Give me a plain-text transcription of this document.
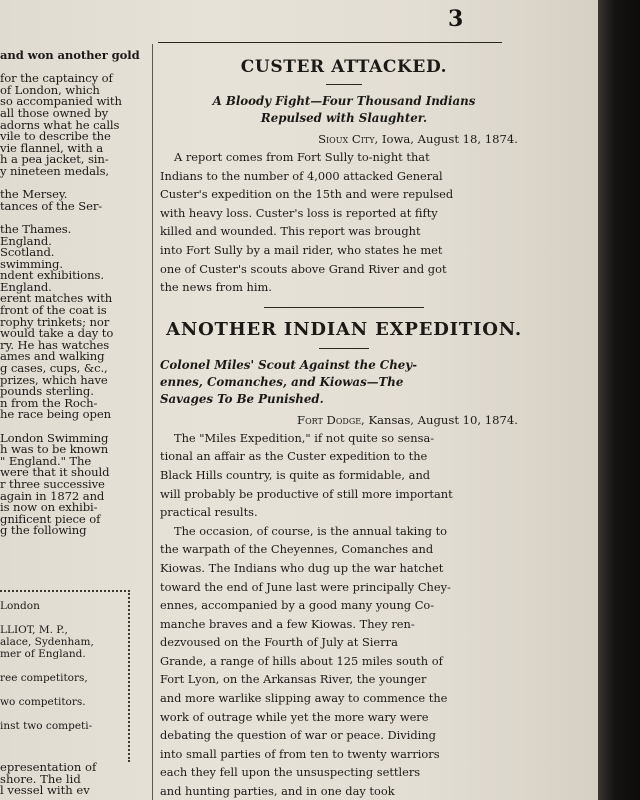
3
and won another gold

for the captaincy of
of London, which
so accompanied with
all those owned by
adorns what he calls
vile to describe the
vie flannel, with a
h a pea jacket, sin-
y nineteen medals,

the Mersey.
tances of the Ser-

the Thames.
England.
Scotland.
swimming.
ndent exhibitions.
England.
erent matches with
front of the coat is
rophy trinkets; nor
would take a day to
ry. He has watches
ames and walking
g cases, cups, &c.,
prizes, which have
pounds sterling.
n from the Roch-
he race being open

London Swimming
h was to be known
" England." The
were that it should
r three successive
again in 1872 and
is now on exhibi-
gnificent piece of
g the following
London

LLIOT, M. P.,
alace, Sydenham,
mer of England.

ree competitors,

wo competitors.

inst two competi-
epresentation of
shore. The lid
l vessel with ev
CUSTER ATTACKED.

A Bloody Fight—Four Thousand Indians
Repulsed with Slaughter.

Sioux City, Iowa, August 18, 1874.

A report comes from Fort Sully to-night that
Indians to the number of 4,000 attacked General
Custer's expedition on the 15th and were repulsed
with heavy loss. Custer's loss is reported at fifty
killed and wounded. This report was brought
into Fort Sully by a mail rider, who states he met
one of Custer's scouts above Grand River and got
the news from him.
ANOTHER INDIAN EXPEDITION.
Colonel Miles' Scout Against the Chey-
ennes, Comanches, and Kiowas—The
Savages To Be Punished.

Fort Dodge, Kansas, August 10, 1874.

The "Miles Expedition," if not quite so sensa-
tional an affair as the Custer expedition to the
Black Hills country, is quite as formidable, and
will probably be productive of still more important
practical results.
The occasion, of course, is the annual taking to
the warpath of the Cheyennes, Comanches and
Kiowas. The Indians who dug up the war hatchet
toward the end of June last were principally Chey-
ennes, accompanied by a good many young Co-
manche braves and a few Kiowas. They ren-
dezvoused on the Fourth of July at Sierra
Grande, a range of hills about 125 miles south of
Fort Lyon, on the Arkansas River, the younger
and more warlike slipping away to commence the
work of outrage while yet the more wary were
debating the question of war or peace. Dividing
into small parties of from ten to twenty warriors
each they fell upon the unsuspecting settlers
and hunting parties, and in one day took
